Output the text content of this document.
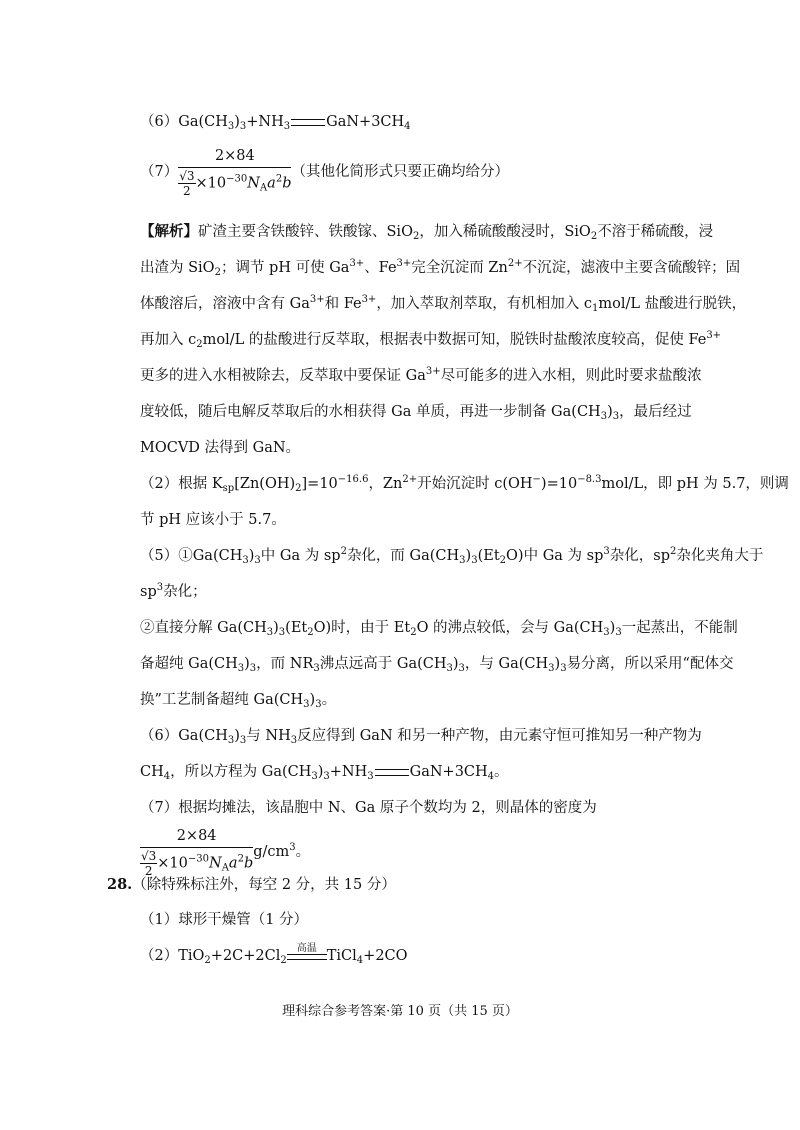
$(6)Ga(CH_3)_3+NH_3$ $GaN+3CH_4$
$(7) \frac{2\times 84}{\frac{√3}{2} \times 10^{-30}N_Aa^2b}$ （其他化简形式只要正确均给分）
【解析】矿渣主要含铁酸锌、铁酸镓、SiO$_2$，加入稀硫酸酸浸时，SiO$_2$不溶于稀硫酸，浸
出渣为 SiO$_2$；调节 pH 可使 $Ga^{3+}$、$Fe^{3+}$完全沉淀而 $Zn^{2+}$不沉淀，滤液中主要含硫酸锌；固
体酸溶后，溶液中含有 $Ga^{3+}$和 $Fe^{3+}$，加入萃取剂萃取，有机相加入 $c_1mol/L$ 盐酸进行脱铁，
再加入 $c_2mol/L$ 的盐酸进行反萃取，根据表中数据可知，脱铁时盐酸浓度较高，促使 $Fe^{3+}$
更多的进入水相被除去，反萃取中要保证 $Ga^{3+}$尽可能多的进入水相，则此时要求盐酸浓
度较低，随后电解反萃取后的水相获得 Ga 单质，再进一步制备 $Ga(CH_3)_3$，最后经过
MOCVD 法得到 GaN。
（2）根据 $K_{sp}[Zn(OH)_2]=10^{-16.6}$，$Zn^{2+}$开始沉淀时 $c(OH^-)=10^{-8.3}mol/L$，即 pH 为 5.7，则调
节 pH 应该小于 5.7。
$(5)①Ga(CH_3)_3$中 Ga 为 $sp^2$杂化，而 $Ga(CH_3)_3(Et_2O)$中 Ga 为 $sp^3$杂化，$sp^2$杂化夹角大于
$sp^3$杂化；
②直接分解 $Ga(CH_3)_3(Et_2O)$时，由于 $Et_2O$ 的沸点较低，会与 $Ga(CH_3)_3$一起蒸出，不能制
备超纯 $Ga(CH_3)_3$，而 $NR_3$沸点远高于 $Ga(CH_3)_3$，与 $Ga(CH_3)_3$易分离，所以采用“配体交
换”工艺制备超纯 $Ga(CH_3)_3$。
$(6)Ga(CH_3)_3$与 $NH_3$反应得到 GaN 和另一种产物，由元素守恒可推知另一种产物为
$CH_4$，所以方程为 $Ga(CH_3)_3+NH_3$ $GaN+3CH_4$。
（7）根据均摊法，该晶胞中 N、Ga 原子个数均为 2，则晶体的密度为
$\frac{2\times 84}{\frac{√3}{2} \times 10^{-30}N_Aa^2b} g/cm^3$。
28.（除特殊标注外，每空 2 分，共 15 分）
（1）球形干燥管（1 分）
$(2)TiO_2+2C+2Cl_2$
高温 TiCl$_4$+2CO
理科综合参考答案·第 10 页（共 15 页）
